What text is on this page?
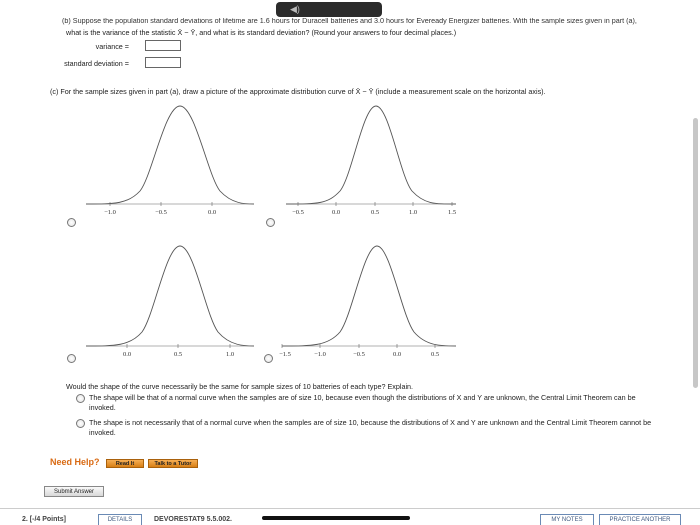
◀)
(b) Suppose the population standard deviations of lifetime are 1.6 hours for Duracell batteries and 3.0 hours for Eveready Energizer batteries. With the sample sizes given in part (a),
what is the variance of the statistic X̄ − Ȳ, and what is its standard deviation? (Round your answers to four decimal places.)
variance =
standard deviation =
(c) For the sample sizes given in part (a), draw a picture of the approximate distribution curve of X̄ − Ȳ (include a measurement scale on the horizontal axis).
−1.0	−0.5	0.0	−0.5	0.0	0.5	1.0	1.5
0.0	0.5	1.0	−1.5	−1.0	−0.5	0.0	0.5
Would the shape of the curve necessarily be the same for sample sizes of 10 batteries of each type? Explain.
The shape will be that of a normal curve when the samples are of size 10, because even though the distributions of X and Y are unknown, the Central Limit Theorem can be
invoked.
The shape is not necessarily that of a normal curve when the samples are of size 10, because the distributions of X and Y are unknown and the Central Limit Theorem cannot be
invoked.
Need Help?	Read It	Talk to a Tutor
Submit Answer
2. [-/4 Points]	DETAILS	DEVORESTAT9 5.5.002.	MY NOTES	PRACTICE ANOTHER
